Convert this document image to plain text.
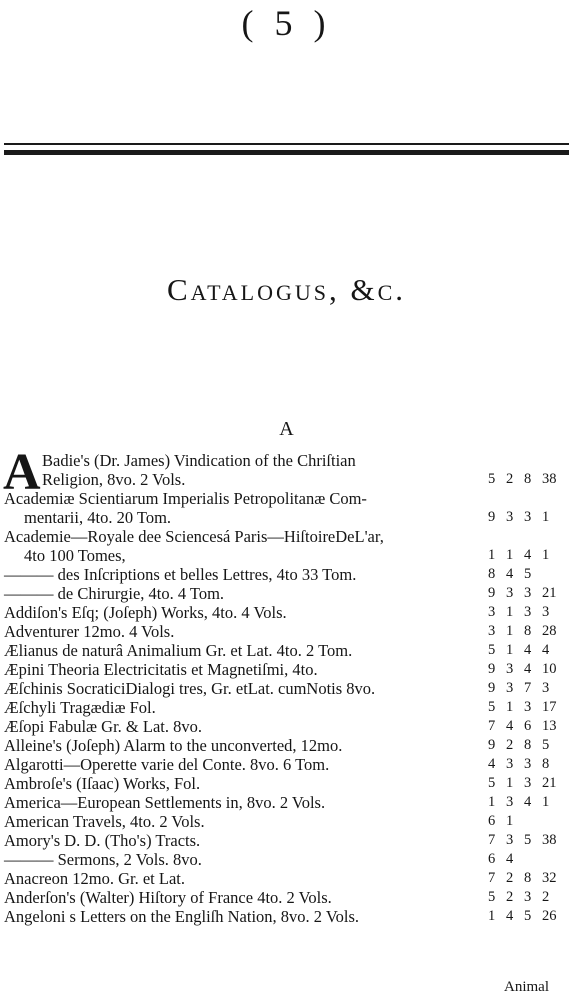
( 5 )
Catalogus, &c.
A
A Badie's (Dr. James) Vindication of the Chriſtian
Religion, 8vo. 2 Vols.	5 2 8 38
Academiæ Scientiarum Imperialis Petropolitanæ Com-
mentarii, 4to. 20 Tom.	9 3 3 1
Academie—Royale dee Sciencesá Paris—HiſtoireDeL'ar,
4to 100 Tomes,	1 1 4 1
——— des Inſcriptions et belles Lettres, 4to 33 Tom.	8 4 5
——— de Chirurgie, 4to. 4 Tom.	9 3 3 21
Addiſon's Eſq; (Joſeph) Works, 4to. 4 Vols.	3 1 3 3
Adventurer 12mo. 4 Vols.	3 1 8 28
Ælianus de naturâ Animalium Gr. et Lat. 4to. 2 Tom.	5 1 4 4
Æpini Theoria Electricitatis et Magnetiſmi, 4to.	9 3 4 10
Æſchinis SocraticiDialogi tres, Gr. etLat. cumNotis 8vo.	9 3 7 3
Æſchyli Tragædiæ Fol.	5 1 3 17
Æſopi Fabulæ Gr. & Lat. 8vo.	7 4 6 13
Alleine's (Joſeph) Alarm to the unconverted, 12mo.	9 2 8 5
Algarotti—Operette varie del Conte. 8vo. 6 Tom.	4 3 3 8
Ambroſe's (Iſaac) Works, Fol.	5 1 3 21
America—European Settlements in, 8vo. 2 Vols.	1 3 4 1
American Travels, 4to. 2 Vols.	6 1
Amory's D. D. (Tho's) Tracts.	7 3 5 38
——— Sermons, 2 Vols. 8vo.	6 4
Anacreon 12mo. Gr. et Lat.	7 2 8 32
Anderſon's (Walter) Hiſtory of France 4to. 2 Vols.	5 2 3 2
Angeloni s Letters on the Engliſh Nation, 8vo. 2 Vols.	1 4 5 26
Animal
